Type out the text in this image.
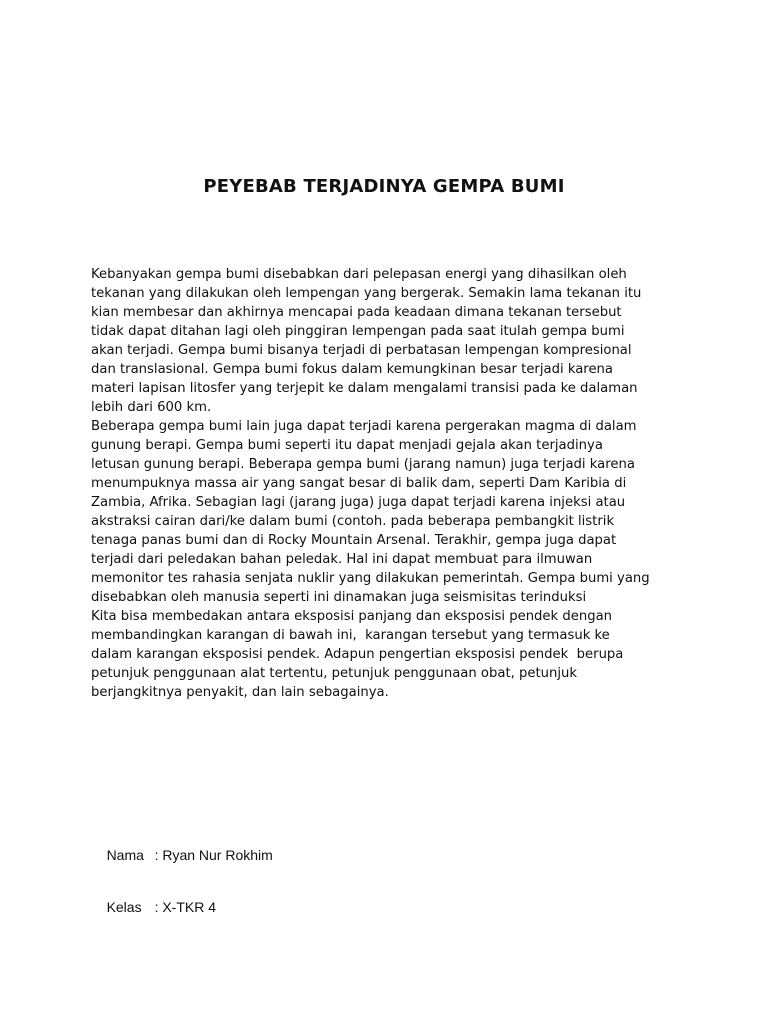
PEYEBAB TERJADINYA GEMPA BUMI
Kebanyakan gempa bumi disebabkan dari pelepasan energi yang dihasilkan oleh
tekanan yang dilakukan oleh lempengan yang bergerak. Semakin lama tekanan itu
kian membesar dan akhirnya mencapai pada keadaan dimana tekanan tersebut
tidak dapat ditahan lagi oleh pinggiran lempengan pada saat itulah gempa bumi
akan terjadi. Gempa bumi bisanya terjadi di perbatasan lempengan kompresional
dan translasional. Gempa bumi fokus dalam kemungkinan besar terjadi karena
materi lapisan litosfer yang terjepit ke dalam mengalami transisi pada ke dalaman
lebih dari 600 km.
Beberapa gempa bumi lain juga dapat terjadi karena pergerakan magma di dalam
gunung berapi. Gempa bumi seperti itu dapat menjadi gejala akan terjadinya
letusan gunung berapi. Beberapa gempa bumi (jarang namun) juga terjadi karena
menumpuknya massa air yang sangat besar di balik dam, seperti Dam Karibia di
Zambia, Afrika. Sebagian lagi (jarang juga) juga dapat terjadi karena injeksi atau
akstraksi cairan dari/ke dalam bumi (contoh. pada beberapa pembangkit listrik
tenaga panas bumi dan di Rocky Mountain Arsenal. Terakhir, gempa juga dapat
terjadi dari peledakan bahan peledak. Hal ini dapat membuat para ilmuwan
memonitor tes rahasia senjata nuklir yang dilakukan pemerintah. Gempa bumi yang
disebabkan oleh manusia seperti ini dinamakan juga seismisitas terinduksi
Kita bisa membedakan antara eksposisi panjang dan eksposisi pendek dengan
membandingkan karangan di bawah ini,  karangan tersebut yang termasuk ke
dalam karangan eksposisi pendek. Adapun pengertian eksposisi pendek  berupa
petunjuk penggunaan alat tertentu, petunjuk penggunaan obat, petunjuk
berjangkitnya penyakit, dan lain sebagainya.

Nama : Ryan Nur Rokhim

Kelas : X-TKR 4
